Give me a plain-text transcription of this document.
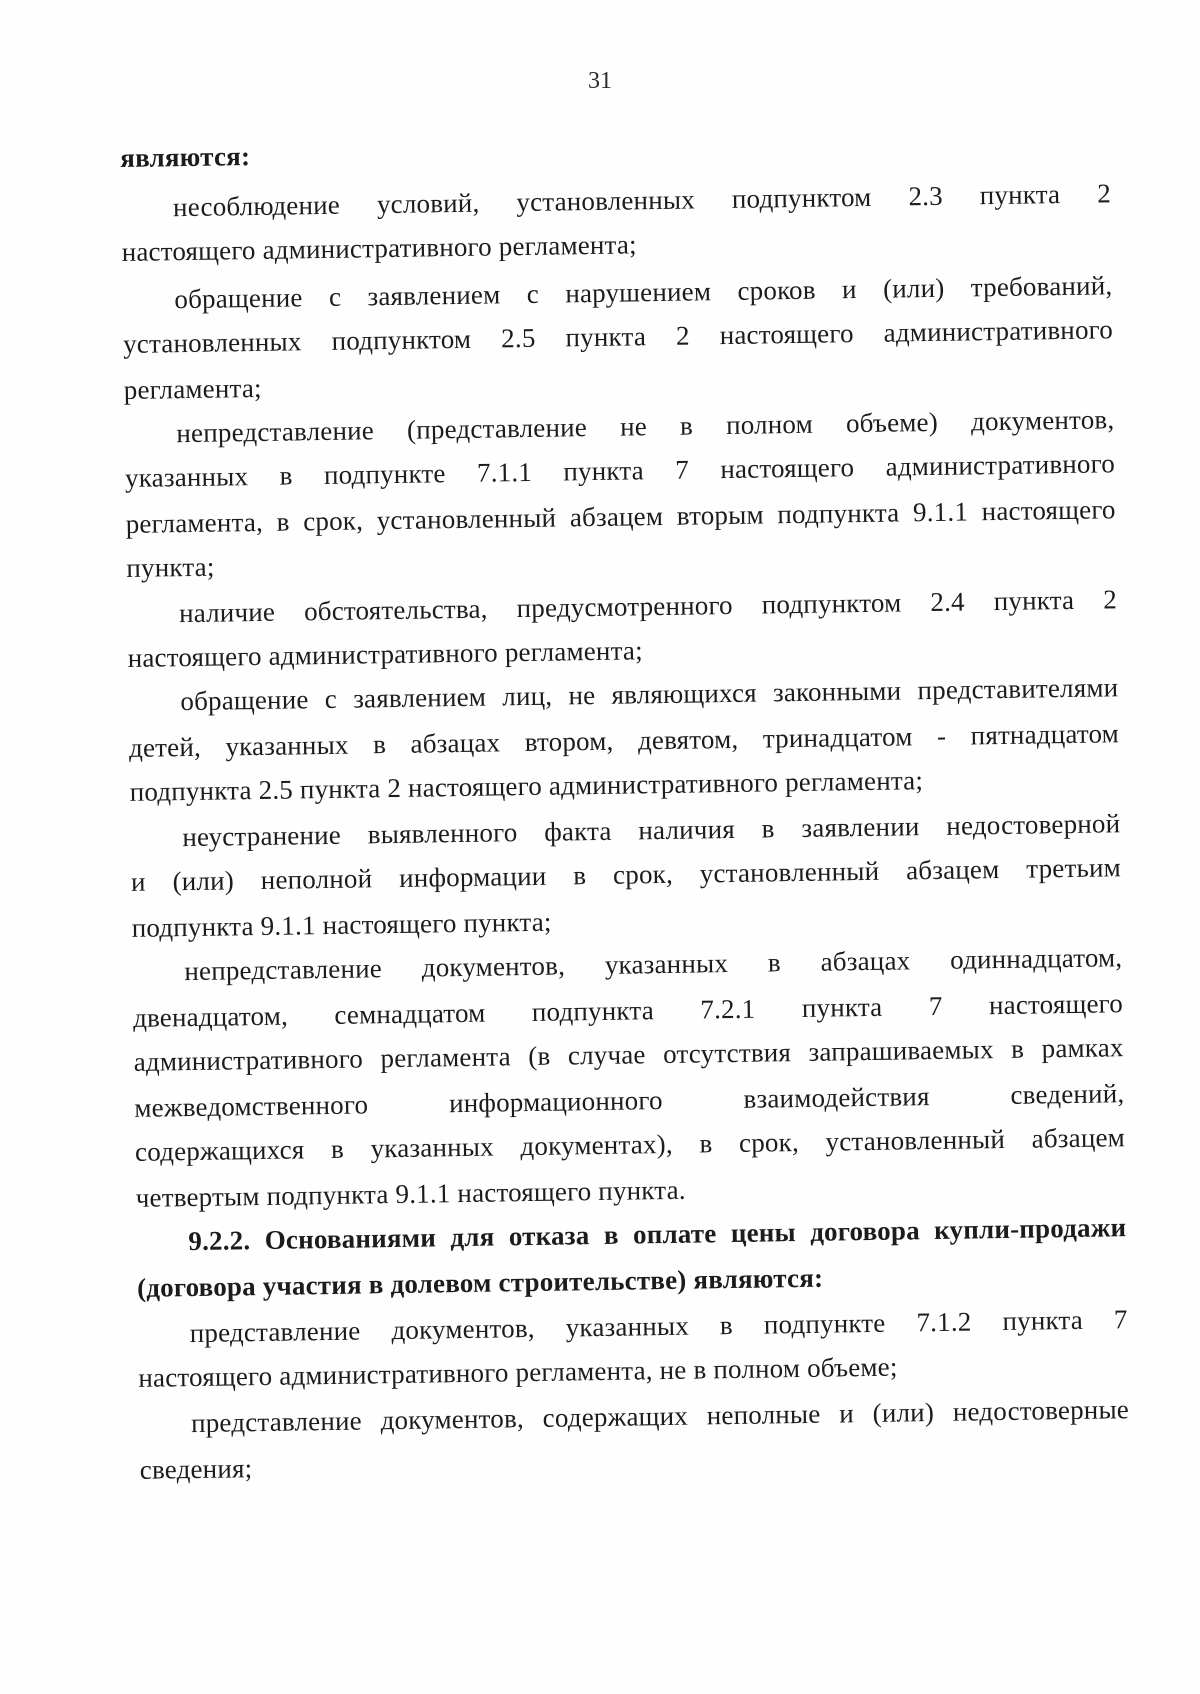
31
являются:
несоблюдение условий, установленных подпунктом 2.3 пункта 2
настоящего административного регламента;
обращение с заявлением с нарушением сроков и (или) требований,
установленных подпунктом 2.5 пункта 2 настоящего административного
регламента;
непредставление (представление не в полном объеме) документов,
указанных в подпункте 7.1.1 пункта 7 настоящего административного
регламента, в срок, установленный абзацем вторым подпункта 9.1.1 настоящего
пункта;
наличие обстоятельства, предусмотренного подпунктом 2.4 пункта 2
настоящего административного регламента;
обращение с заявлением лиц, не являющихся законными представителями
детей, указанных в абзацах втором, девятом, тринадцатом - пятнадцатом
подпункта 2.5 пункта 2 настоящего административного регламента;
неустранение выявленного факта наличия в заявлении недостоверной
и (или) неполной информации в срок, установленный абзацем третьим
подпункта 9.1.1 настоящего пункта;
непредставление документов, указанных в абзацах одиннадцатом,
двенадцатом, семнадцатом подпункта 7.2.1 пункта 7 настоящего
административного регламента (в случае отсутствия запрашиваемых в рамках
межведомственного информационного взаимодействия сведений,
содержащихся в указанных документах), в срок, установленный абзацем
четвертым подпункта 9.1.1 настоящего пункта.
9.2.2. Основаниями для отказа в оплате цены договора купли-продажи
(договора участия в долевом строительстве) являются:
представление документов, указанных в подпункте 7.1.2 пункта 7
настоящего административного регламента, не в полном объеме;
представление документов, содержащих неполные и (или) недостоверные
сведения;
